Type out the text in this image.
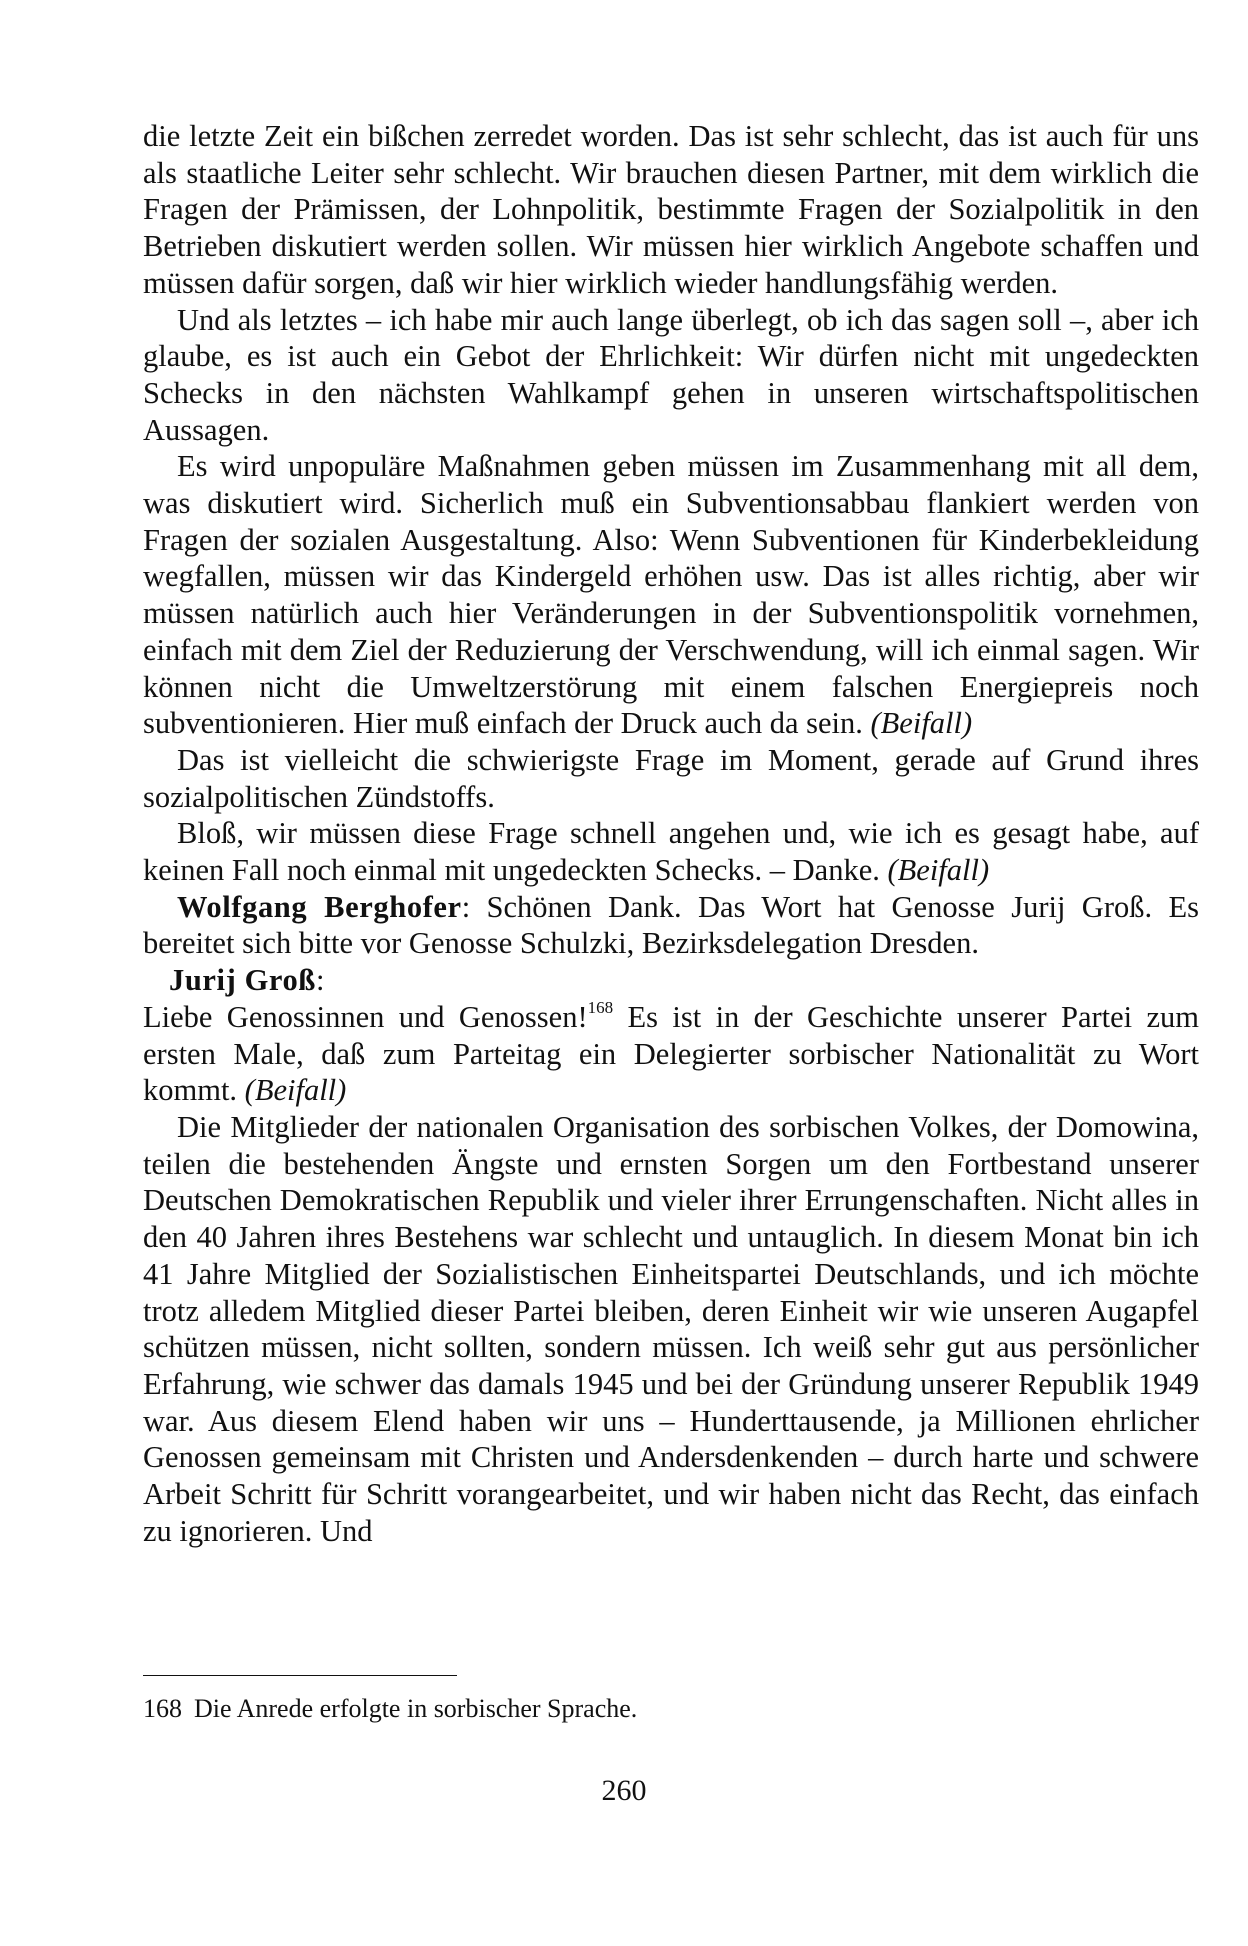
die letzte Zeit ein bißchen zerredet worden. Das ist sehr schlecht, das ist auch für uns als staatliche Leiter sehr schlecht. Wir brauchen diesen Partner, mit dem wirklich die Fragen der Prämissen, der Lohnpolitik, bestimmte Fragen der Sozialpolitik in den Betrieben diskutiert werden sollen. Wir müssen hier wirklich Angebote schaffen und müssen dafür sorgen, daß wir hier wirklich wieder handlungsfähig werden.

Und als letztes – ich habe mir auch lange überlegt, ob ich das sagen soll –, aber ich glaube, es ist auch ein Gebot der Ehrlichkeit: Wir dürfen nicht mit ungedeckten Schecks in den nächsten Wahlkampf gehen in unseren wirtschaftspolitischen Aussagen.

Es wird unpopuläre Maßnahmen geben müssen im Zusammenhang mit all dem, was diskutiert wird. Sicherlich muß ein Subventionsabbau flankiert werden von Fragen der sozialen Ausgestaltung. Also: Wenn Subventionen für Kinderbekleidung wegfallen, müssen wir das Kindergeld erhöhen usw. Das ist alles richtig, aber wir müssen natürlich auch hier Veränderungen in der Subventionspolitik vornehmen, einfach mit dem Ziel der Reduzierung der Verschwendung, will ich einmal sagen. Wir können nicht die Umweltzerstörung mit einem falschen Energiepreis noch subventionieren. Hier muß einfach der Druck auch da sein. (Beifall)

Das ist vielleicht die schwierigste Frage im Moment, gerade auf Grund ihres sozialpolitischen Zündstoffs.

Bloß, wir müssen diese Frage schnell angehen und, wie ich es gesagt habe, auf keinen Fall noch einmal mit ungedeckten Schecks. – Danke. (Beifall)

Wolfgang Berghofer: Schönen Dank. Das Wort hat Genosse Jurij Groß. Es bereitet sich bitte vor Genosse Schulzki, Bezirksdelegation Dresden.

Jurij Groß:

Liebe Genossinnen und Genossen!$^{168}$ Es ist in der Geschichte unserer Partei zum ersten Male, daß zum Parteitag ein Delegierter sorbischer Nationalität zu Wort kommt. (Beifall)

Die Mitglieder der nationalen Organisation des sorbischen Volkes, der Domowina, teilen die bestehenden Ängste und ernsten Sorgen um den Fortbestand unserer Deutschen Demokratischen Republik und vieler ihrer Errungenschaften. Nicht alles in den 40 Jahren ihres Bestehens war schlecht und untauglich. In diesem Monat bin ich 41 Jahre Mitglied der Sozialistischen Einheitspartei Deutschlands, und ich möchte trotz alledem Mitglied dieser Partei bleiben, deren Einheit wir wie unseren Augapfel schützen müssen, nicht sollten, sondern müssen. Ich weiß sehr gut aus persönlicher Erfahrung, wie schwer das damals 1945 und bei der Gründung unserer Republik 1949 war. Aus diesem Elend haben wir uns – Hunderttausende, ja Millionen ehrlicher Genossen gemeinsam mit Christen und Andersdenkenden – durch harte und schwere Arbeit Schritt für Schritt vorangearbeitet, und wir haben nicht das Recht, das einfach zu ignorieren. Und

168 Die Anrede erfolgte in sorbischer Sprache.
260
